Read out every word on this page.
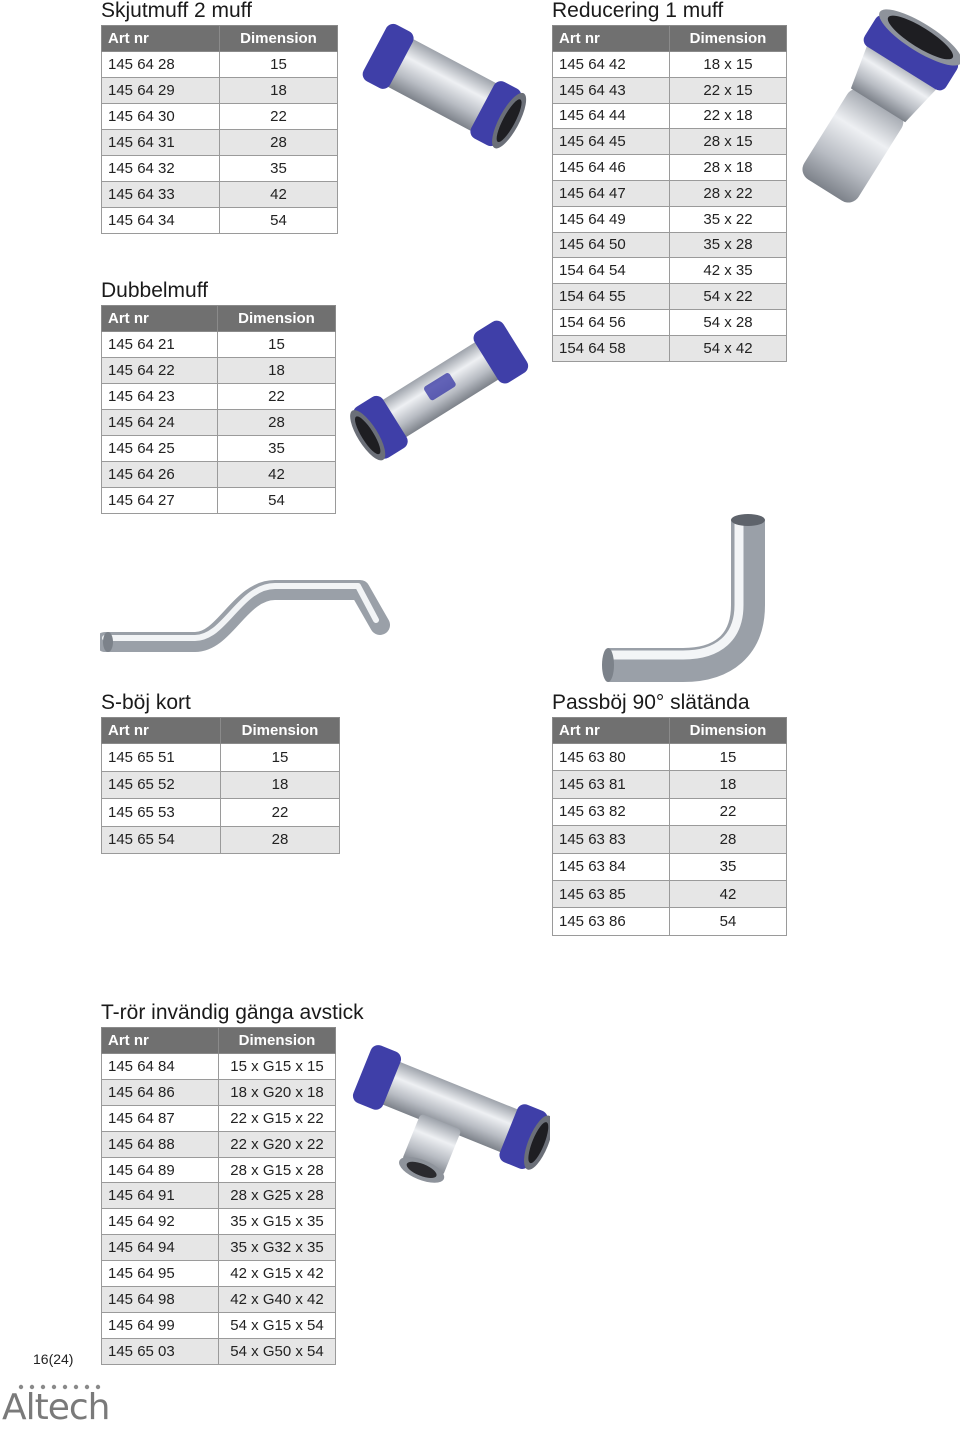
Skjutmuff 2 muff
Art nr	Dimension
145 64 28	15
145 64 29	18
145 64 30	22
145 64 31	28
145 64 32	35
145 64 33	42
145 64 34	54
Dubbelmuff
Art nr	Dimension
145 64 21	15
145 64 22	18
145 64 23	22
145 64 24	28
145 64 25	35
145 64 26	42
145 64 27	54
Reducering 1 muff
Art nr	Dimension
145 64 42	18 x 15
145 64 43	22 x 15
145 64 44	22 x 18
145 64 45	28 x 15
145 64 46	28 x 18
145 64 47	28 x 22
145 64 49	35 x 22
145 64 50	35 x 28
154 64 54	42 x 35
154 64 55	54 x 22
154 64 56	54 x 28
154 64 58	54 x 42
S-böj kort
Art nr	Dimension
145 65 51	15
145 65 52	18
145 65 53	22
145 65 54	28
Passböj 90° slätända
Art nr	Dimension
145 63 80	15
145 63 81	18
145 63 82	22
145 63 83	28
145 63 84	35
145 63 85	42
145 63 86	54
T-rör invändig gänga avstick
Art nr	Dimension
145 64 84	15 x G15 x 15
145 64 86	18 x G20 x 18
145 64 87	22 x G15 x 22
145 64 88	22 x G20 x 22
145 64 89	28 x G15 x 28
145 64 91	28 x G25 x 28
145 64 92	35 x G15 x 35
145 64 94	35 x G32 x 35
145 64 95	42 x G15 x 42
145 64 98	42 x G40 x 42
145 64 99	54 x G15 x 54
145 65 03	54 x G50 x 54
16(24)
Altech
